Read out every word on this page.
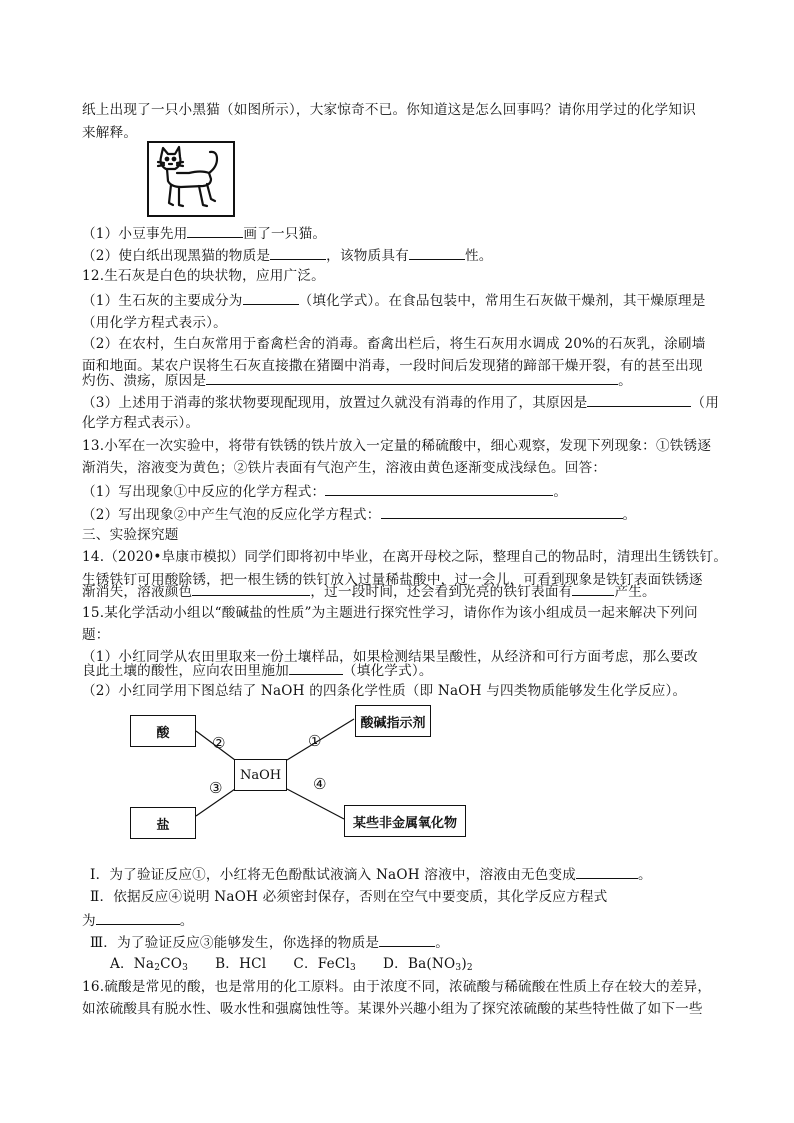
纸上出现了一只小黑猫（如图所示），大家惊奇不已。你知道这是怎么回事吗？请你用学过的化学知识
来解释。
（1）小豆事先用	画了一只猫。
（2）使白纸出现黑猫的物质是	，该物质具有	性。
12.生石灰是白色的块状物，应用广泛。
（1）生石灰的主要成分为	（填化学式）。在食品包装中，常用生石灰做干燥剂，其干燥原理是
（用化学方程式表示）。
（2）在农村，生白灰常用于畜禽栏舍的消毒。畜禽出栏后，将生石灰用水调成 20%的石灰乳，涂刷墙
面和地面。某农户误将生石灰直接撒在猪圈中消毒，一段时间后发现猪的蹄部干燥开裂，有的甚至出现
灼伤、溃疡，原因是	。
（3）上述用于消毒的浆状物要现配现用，放置过久就没有消毒的作用了，其原因是	（用
化学方程式表示）。
13.小军在一次实验中，将带有铁锈的铁片放入一定量的稀硫酸中，细心观察，发现下列现象：①铁锈逐
渐消失，溶液变为黄色；②铁片表面有气泡产生，溶液由黄色逐渐变成浅绿色。回答：
（1）写出现象①中反应的化学方程式：	。
（2）写出现象②中产生气泡的反应化学方程式：	。
三、实验探究题
14.（2020•阜康市模拟）同学们即将初中毕业，在离开母校之际，整理自己的物品时，清理出生锈铁钉。
生锈铁钉可用酸除锈，把一根生锈的铁钉放入过量稀盐酸中，过一会儿，可看到现象是铁钉表面铁锈逐
渐消失，溶液颜色	，过一段时间，还会看到光亮的铁钉表面有	产生。
15.某化学活动小组以“酸碱盐的性质”为主题进行探究性学习，请你作为该小组成员一起来解决下列问
题：
（1）小红同学从农田里取来一份土壤样品，如果检测结果呈酸性，从经济和可行方面考虑，那么要改
良此土壤的酸性，应向农田里施加	（填化学式）。
（2）小红同学用下图总结了 NaOH 的四条化学性质（即 NaOH 与四类物质能够发生化学反应）。
酸
盐
NaOH
酸碱指示剂
某些非金属氧化物
②	①
③	④
Ⅰ．为了验证反应①，小红将无色酚酞试液滴入 NaOH 溶液中，溶液由无色变成	。
Ⅱ．依据反应④说明 NaOH 必须密封保存，否则在空气中要变质，其化学反应方程式
为	。
Ⅲ．为了验证反应③能够发生，你选择的物质是	。
A．$Na_2CO_3$ B．HCl C．FeCl$_3$ D．$Ba(NO_3)_2$
16.硫酸是常见的酸，也是常用的化工原料。由于浓度不同，浓硫酸与稀硫酸在性质上存在较大的差异，
如浓硫酸具有脱水性、吸水性和强腐蚀性等。某课外兴趣小组为了探究浓硫酸的某些特性做了如下一些
